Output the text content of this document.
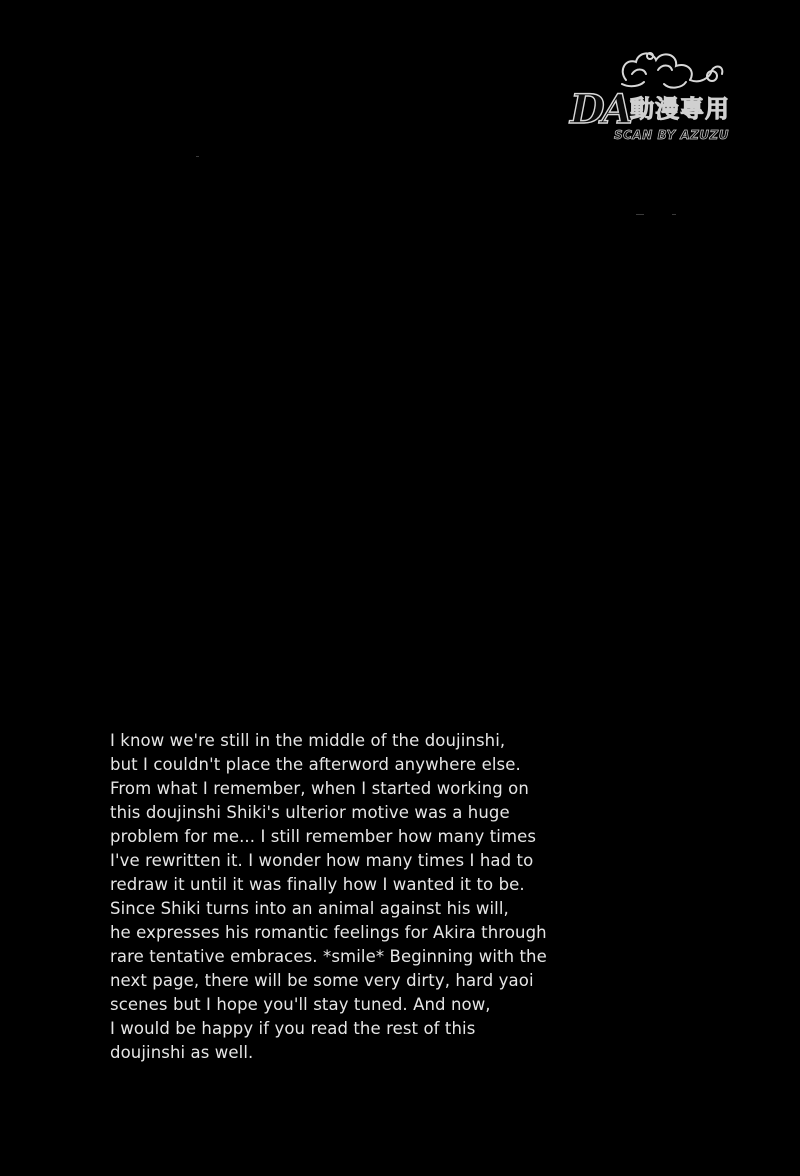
DA 動漫專用
SCAN BY AZUZU
I know we're still in the middle of the doujinshi,
but I couldn't place the afterword anywhere else.
From what I remember, when I started working on
this doujinshi Shiki's ulterior motive was a huge
problem for me... I still remember how many times
I've rewritten it. I wonder how many times I had to
redraw it until it was finally how I wanted it to be.
Since Shiki turns into an animal against his will,
he expresses his romantic feelings for Akira through
rare tentative embraces. *smile* Beginning with the
next page, there will be some very dirty, hard yaoi
scenes but I hope you'll stay tuned. And now,
I would be happy if you read the rest of this
doujinshi as well.
